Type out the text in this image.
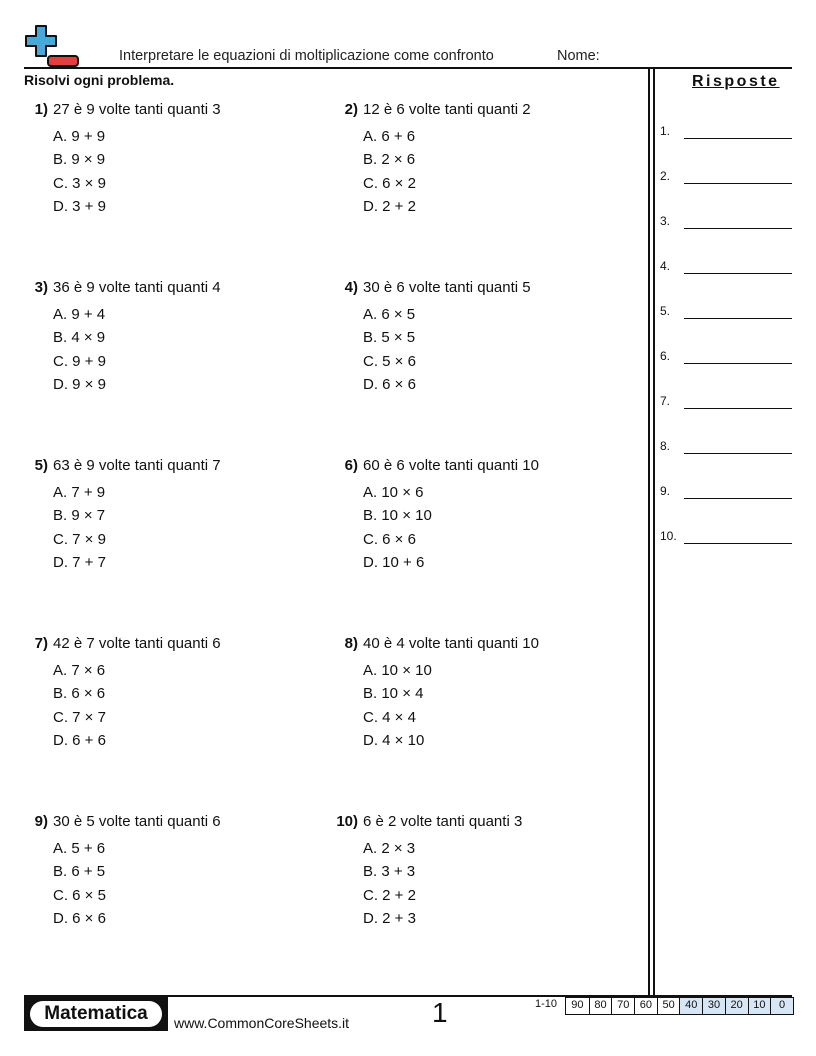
Interpretare le equazioni di moltiplicazione come confronto	Nome:
Risolvi ogni problema.	Risposte
1.
2.
3.
4.
5.
6.
7.
8.
9.
10.
1) 27 è 9 volte tanti quanti 3
A. 9 + 9
B. 9 × 9
C. 3 × 9
D. 3 + 9
2) 12 è 6 volte tanti quanti 2
A. 6 + 6
B. 2 × 6
C. 6 × 2
D. 2 + 2
3) 36 è 9 volte tanti quanti 4
A. 9 + 4
B. 4 × 9
C. 9 + 9
D. 9 × 9
4) 30 è 6 volte tanti quanti 5
A. 6 × 5
B. 5 × 5
C. 5 × 6
D. 6 × 6
5) 63 è 9 volte tanti quanti 7
A. 7 + 9
B. 9 × 7
C. 7 × 9
D. 7 + 7
6) 60 è 6 volte tanti quanti 10
A. 10 × 6
B. 10 × 10
C. 6 × 6
D. 10 + 6
7) 42 è 7 volte tanti quanti 6
A. 7 × 6
B. 6 × 6
C. 7 × 7
D. 6 + 6
8) 40 è 4 volte tanti quanti 10
A. 10 × 10
B. 10 × 4
C. 4 × 4
D. 4 × 10
9) 30 è 5 volte tanti quanti 6
A. 5 + 6
B. 6 + 5
C. 6 × 5
D. 6 × 6
10) 6 è 2 volte tanti quanti 3
A. 2 × 3
B. 3 + 3
C. 2 + 2
D. 2 + 3
Matematica	www.CommonCoreSheets.it	1	1-10	90 80 70 60 50 40 30 20 10	0
